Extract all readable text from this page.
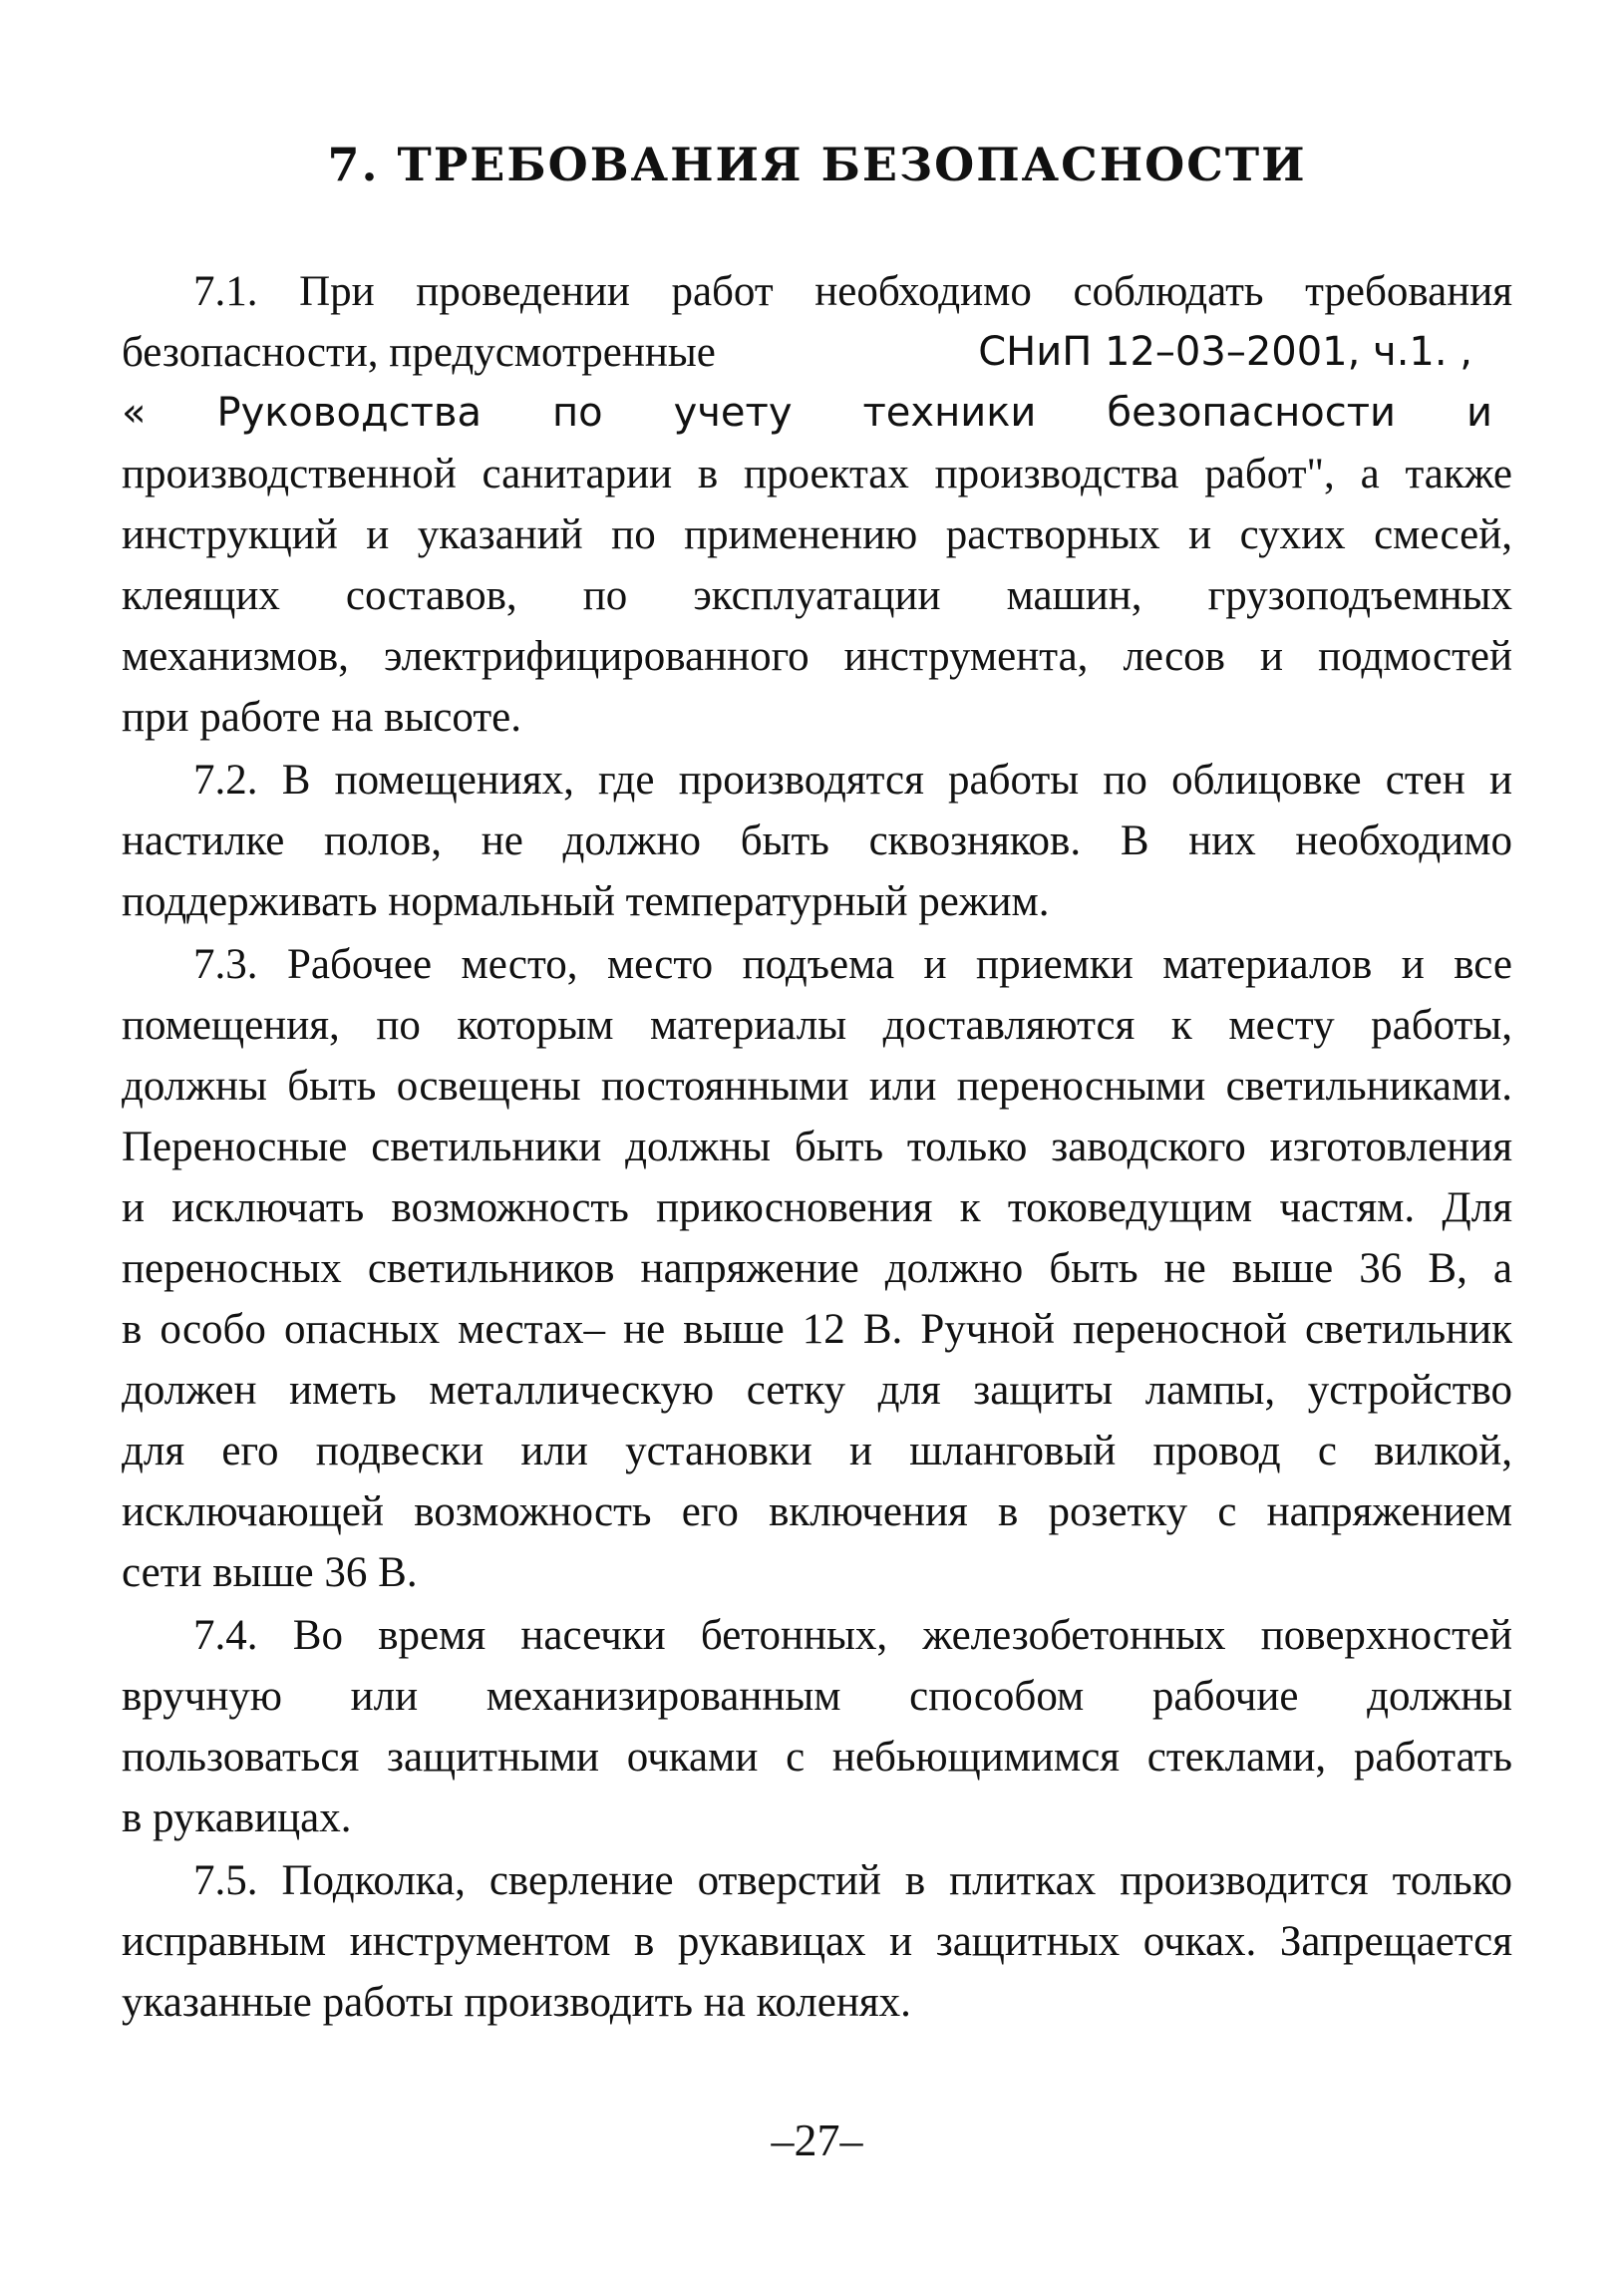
7. ТРЕБОВАНИЯ БЕЗОПАСНОСТИ
7.1. При проведении работ необходимо соблюдать требования
безопасности, предусмотренные	СНиП 12–03–2001, ч.1. ,
« Руководства по учету техники безопасности и
производственной санитарии в проектах производства работ", а также
инструкций и указаний по применению растворных и сухих смесей,
клеящих составов, по эксплуатации машин, грузоподъемных
механизмов, электрифицированного инструмента, лесов и подмостей
при работе на высоте.
7.2. В помещениях, где производятся работы по облицовке стен и
настилке полов, не должно быть сквозняков. В них необходимо
поддерживать нормальный температурный режим.
7.3. Рабочее место, место подъема и приемки материалов и все
помещения, по которым материалы доставляются к месту работы,
должны быть освещены постоянными или переносными светильниками.
Переносные светильники должны быть только заводского изготовления
и исключать возможность прикосновения к токоведущим частям. Для
переносных светильников напряжение должно быть не выше 36 В, а
в особо опасных местах– не выше 12 В. Ручной переносной светильник
должен иметь металлическую сетку для защиты лампы, устройство
для его подвески или установки и шланговый провод с вилкой,
исключающей возможность его включения в розетку с напряжением
сети выше 36 В.
7.4. Во время насечки бетонных, железобетонных поверхностей
вручную или механизированным способом рабочие должны
пользоваться защитными очками с небьющимимся стеклами, работать
в рукавицах.
7.5. Подколка, сверление отверстий в плитках производится только
исправным инструментом в рукавицах и защитных очках. Запрещается
указанные работы производить на коленях.

–27–
